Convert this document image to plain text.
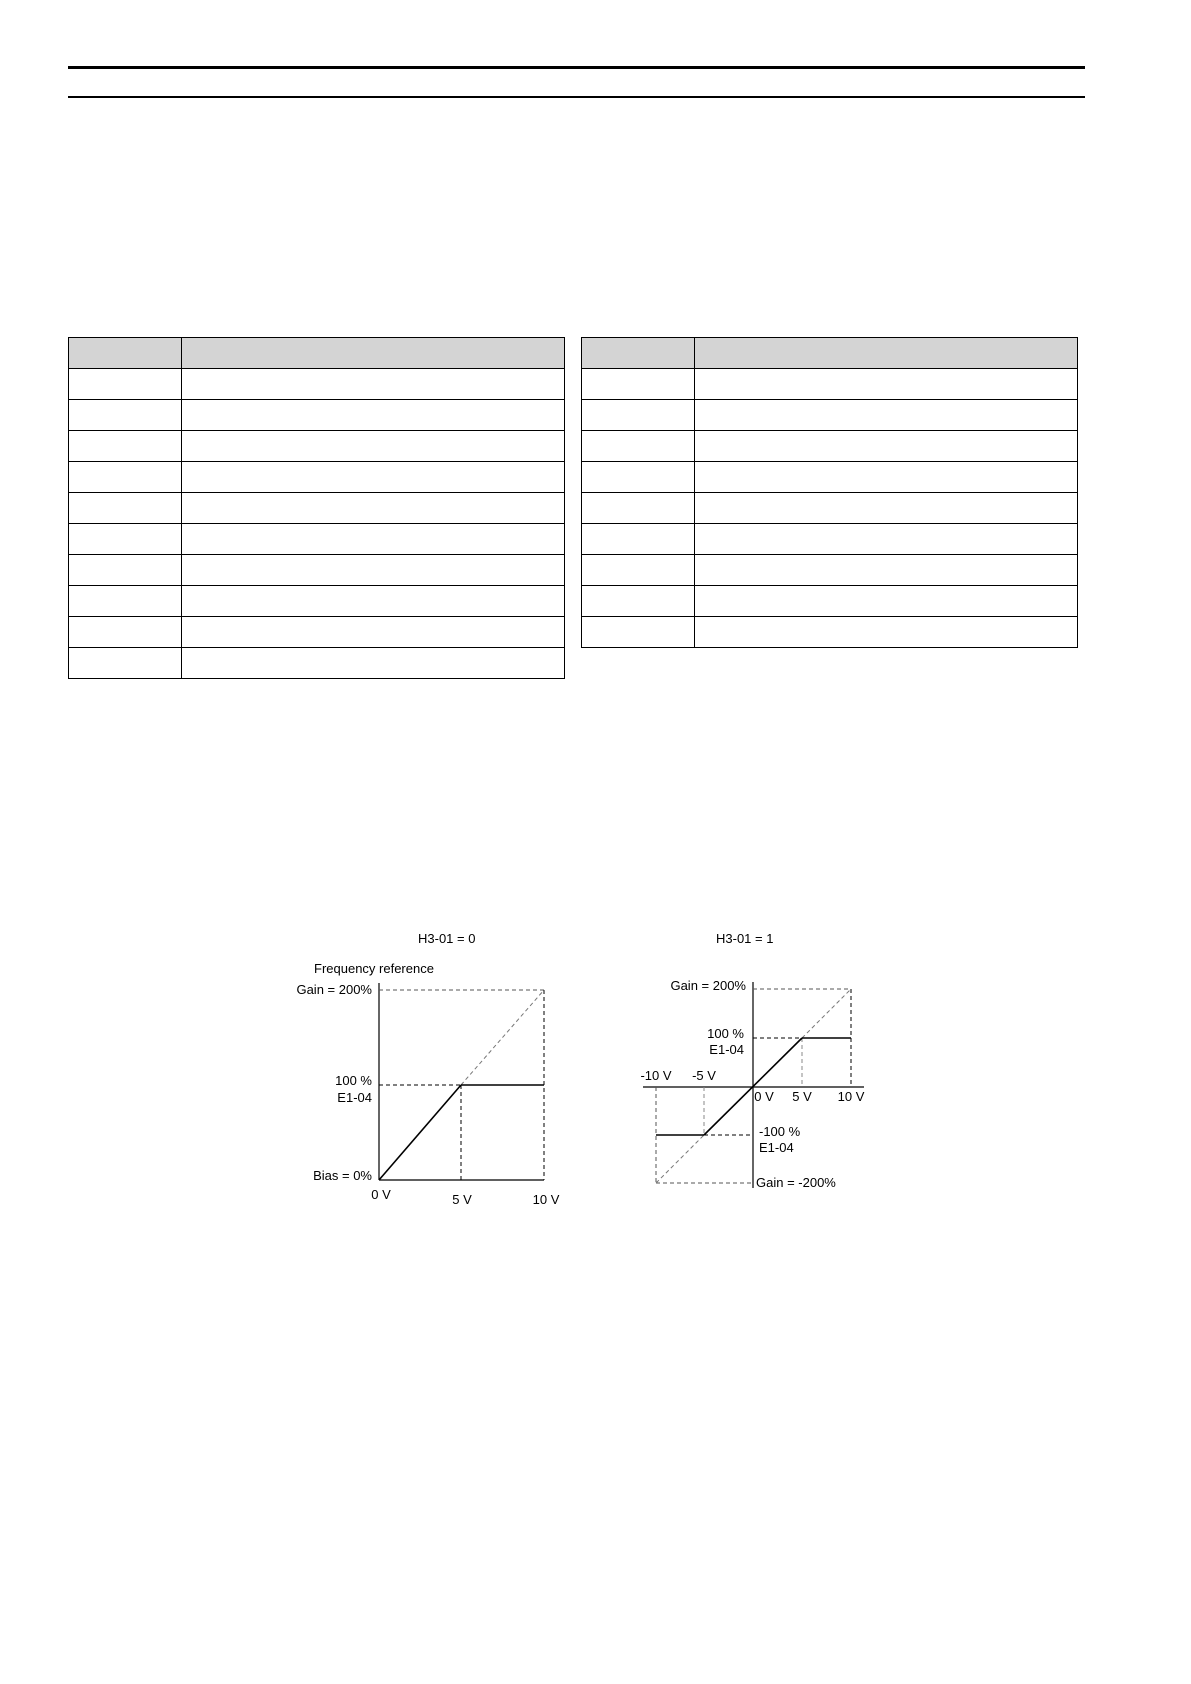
H3-01 = 0
Frequency reference
Gain = 200%
100 %
E1-04
Bias = 0%
0 V	5 V	10 V
H3-01 = 1
Gain = 200%
100 %
E1-04
-10 V -5 V
0 V 5 V 10 V
-100 %
E1-04
Gain = -200%
